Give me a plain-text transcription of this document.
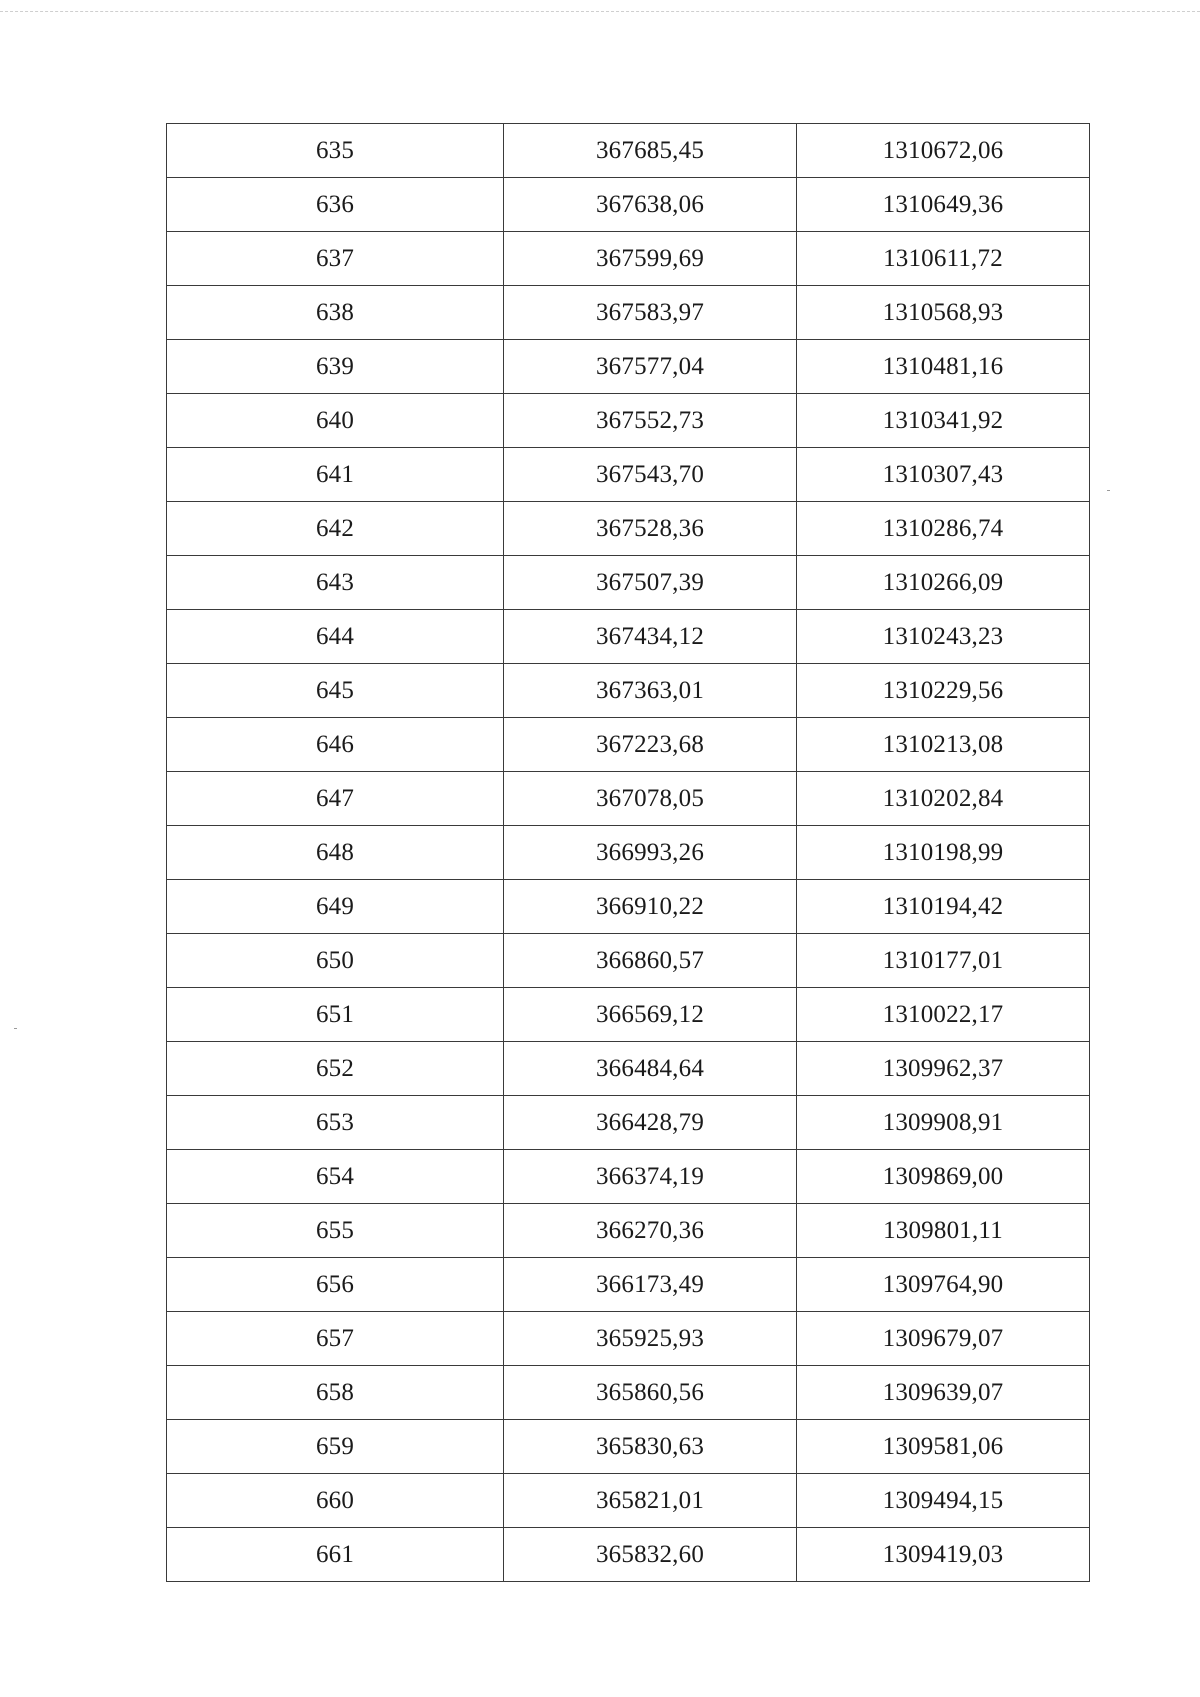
635	367685,45	1310672,06
636	367638,06	1310649,36
637	367599,69	1310611,72
638	367583,97	1310568,93
639	367577,04	1310481,16
640	367552,73	1310341,92
641	367543,70	1310307,43
642	367528,36	1310286,74
643	367507,39	1310266,09
644	367434,12	1310243,23
645	367363,01	1310229,56
646	367223,68	1310213,08
647	367078,05	1310202,84
648	366993,26	1310198,99
649	366910,22	1310194,42
650	366860,57	1310177,01
651	366569,12	1310022,17
652	366484,64	1309962,37
653	366428,79	1309908,91
654	366374,19	1309869,00
655	366270,36	1309801,11
656	366173,49	1309764,90
657	365925,93	1309679,07
658	365860,56	1309639,07
659	365830,63	1309581,06
660	365821,01	1309494,15
661	365832,60	1309419,03
